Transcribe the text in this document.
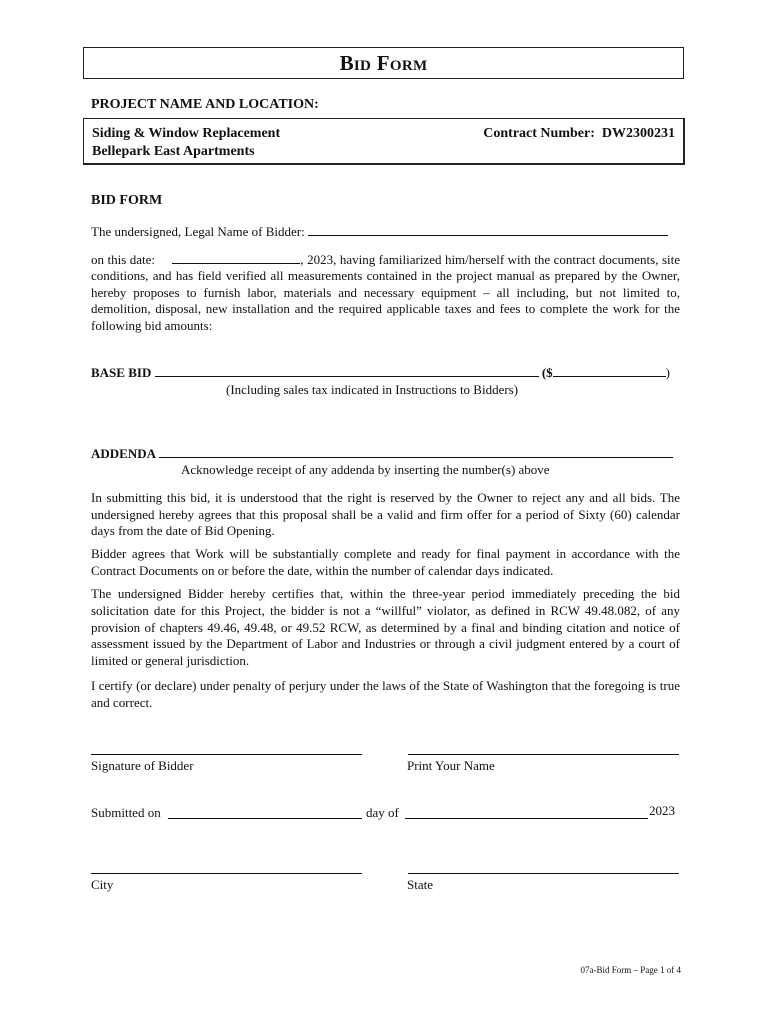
Bid Form
PROJECT NAME AND LOCATION:
Siding & Window Replacement
Bellepark East Apartments
Contract Number: DW2300231
BID FORM
The undersigned, Legal Name of Bidder:
on this date:	, 2023, having familiarized him/herself with the contract documents, site conditions, and has field verified all measurements contained in the project manual as prepared by the Owner, hereby proposes to furnish labor, materials and necessary equipment – all including, but not limited to, demolition, disposal, new installation and the required applicable taxes and fees to complete the work for the following bid amounts:
BASE BID	($	)
(Including sales tax indicated in Instructions to Bidders)
ADDENDA
Acknowledge receipt of any addenda by inserting the number(s) above
In submitting this bid, it is understood that the right is reserved by the Owner to reject any and all bids. The undersigned hereby agrees that this proposal shall be a valid and firm offer for a period of Sixty (60) calendar days from the date of Bid Opening.
Bidder agrees that Work will be substantially complete and ready for final payment in accordance with the Contract Documents on or before the date, within the number of calendar days indicated.
The undersigned Bidder hereby certifies that, within the three-year period immediately preceding the bid solicitation date for this Project, the bidder is not a “willful” violator, as defined in RCW 49.48.082, of any provision of chapters 49.46, 49.48, or 49.52 RCW, as determined by a final and binding citation and notice of assessment issued by the Department of Labor and Industries or through a civil judgment entered by a court of limited or general jurisdiction.
I certify (or declare) under penalty of perjury under the laws of the State of Washington that the foregoing is true and correct.
Signature of Bidder	Print Your Name
Submitted on	day of	2023
City	State
07a-Bid Form – Page 1 of 4
